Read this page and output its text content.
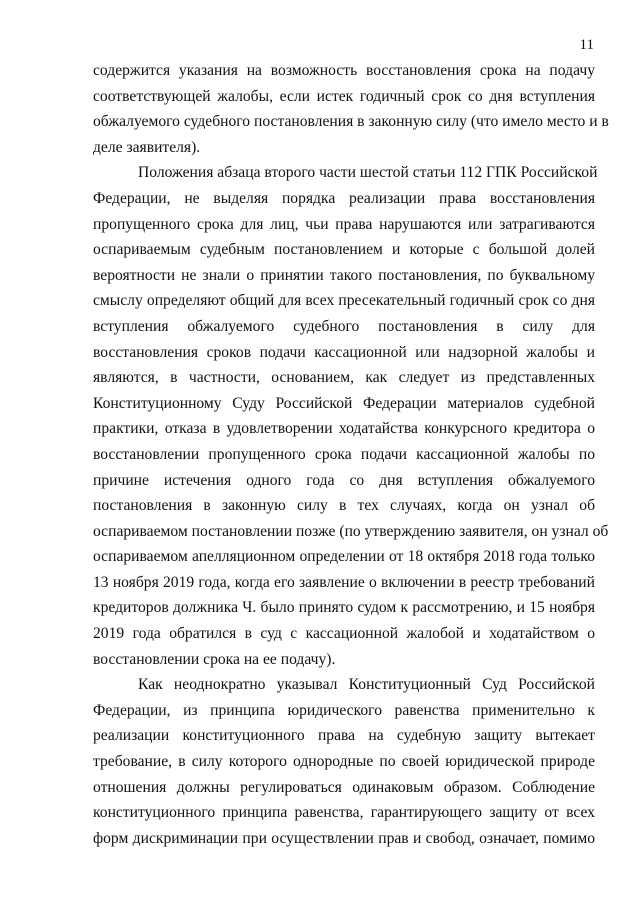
11
содержится указания на возможность восстановления срока на подачу
соответствующей жалобы, если истек годичный срок со дня вступления
обжалуемого судебного постановления в законную силу (что имело место и в
деле заявителя).
Положения абзаца второго части шестой статьи 112 ГПК Российской
Федерации, не выделяя порядка реализации права восстановления
пропущенного срока для лиц, чьи права нарушаются или затрагиваются
оспариваемым судебным постановлением и которые с большой долей
вероятности не знали о принятии такого постановления, по буквальному
смыслу определяют общий для всех пресекательный годичный срок со дня
вступления обжалуемого судебного постановления в силу для
восстановления сроков подачи кассационной или надзорной жалобы и
являются, в частности, основанием, как следует из представленных
Конституционному Суду Российской Федерации материалов судебной
практики, отказа в удовлетворении ходатайства конкурсного кредитора о
восстановлении пропущенного срока подачи кассационной жалобы по
причине истечения одного года со дня вступления обжалуемого
постановления в законную силу в тех случаях, когда он узнал об
оспариваемом постановлении позже (по утверждению заявителя, он узнал об
оспариваемом апелляционном определении от 18 октября 2018 года только
13 ноября 2019 года, когда его заявление о включении в реестр требований
кредиторов должника Ч. было принято судом к рассмотрению, и 15 ноября
2019 года обратился в суд с кассационной жалобой и ходатайством о
восстановлении срока на ее подачу).
Как неоднократно указывал Конституционный Суд Российской
Федерации, из принципа юридического равенства применительно к
реализации конституционного права на судебную защиту вытекает
требование, в силу которого однородные по своей юридической природе
отношения должны регулироваться одинаковым образом. Соблюдение
конституционного принципа равенства, гарантирующего защиту от всех
форм дискриминации при осуществлении прав и свобод, означает, помимо
